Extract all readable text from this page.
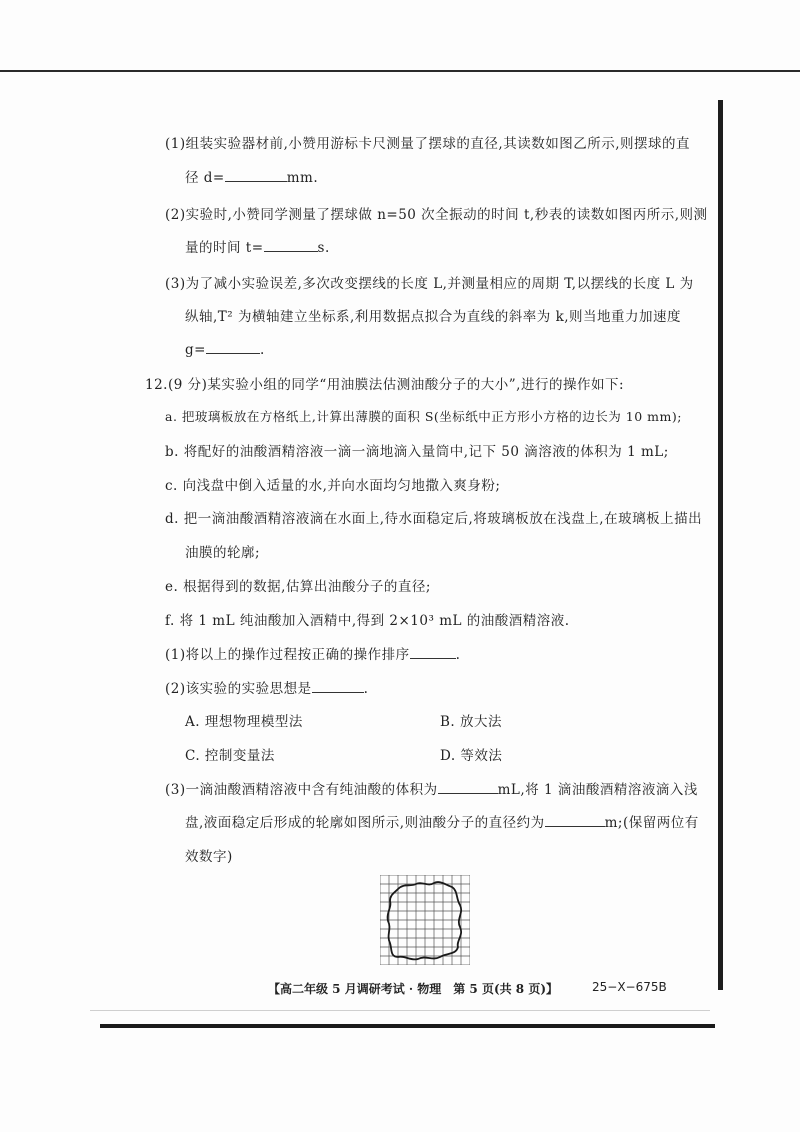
(1)组装实验器材前,小赞用游标卡尺测量了摆球的直径,其读数如图乙所示,则摆球的直
径 d=	mm.
(2)实验时,小赞同学测量了摆球做 n=50 次全振动的时间 t,秒表的读数如图丙所示,则测
量的时间 t=	s.
(3)为了减小实验误差,多次改变摆线的长度 L,并测量相应的周期 T,以摆线的长度 L 为
纵轴,T² 为横轴建立坐标系,利用数据点拟合为直线的斜率为 k,则当地重力加速度
g=	.
12.(9 分)某实验小组的同学“用油膜法估测油酸分子的大小”,进行的操作如下:
a. 把玻璃板放在方格纸上,计算出薄膜的面积 S(坐标纸中正方形小方格的边长为 10 mm);
b. 将配好的油酸酒精溶液一滴一滴地滴入量筒中,记下 50 滴溶液的体积为 1 mL;
c. 向浅盘中倒入适量的水,并向水面均匀地撒入爽身粉;
d. 把一滴油酸酒精溶液滴在水面上,待水面稳定后,将玻璃板放在浅盘上,在玻璃板上描出
油膜的轮廓;
e. 根据得到的数据,估算出油酸分子的直径;
f. 将 1 mL 纯油酸加入酒精中,得到 2×10³ mL 的油酸酒精溶液.
(1)将以上的操作过程按正确的操作排序	.
(2)该实验的实验思想是	.
A. 理想物理模型法	B. 放大法
C. 控制变量法	D. 等效法
(3)一滴油酸酒精溶液中含有纯油酸的体积为	mL,将 1 滴油酸酒精溶液滴入浅
盘,液面稳定后形成的轮廓如图所示,则油酸分子的直径约为	m;(保留两位有
效数字)
【高二年级 5 月调研考试 · 物理　第 5 页(共 8 页)】	25−X−675B
